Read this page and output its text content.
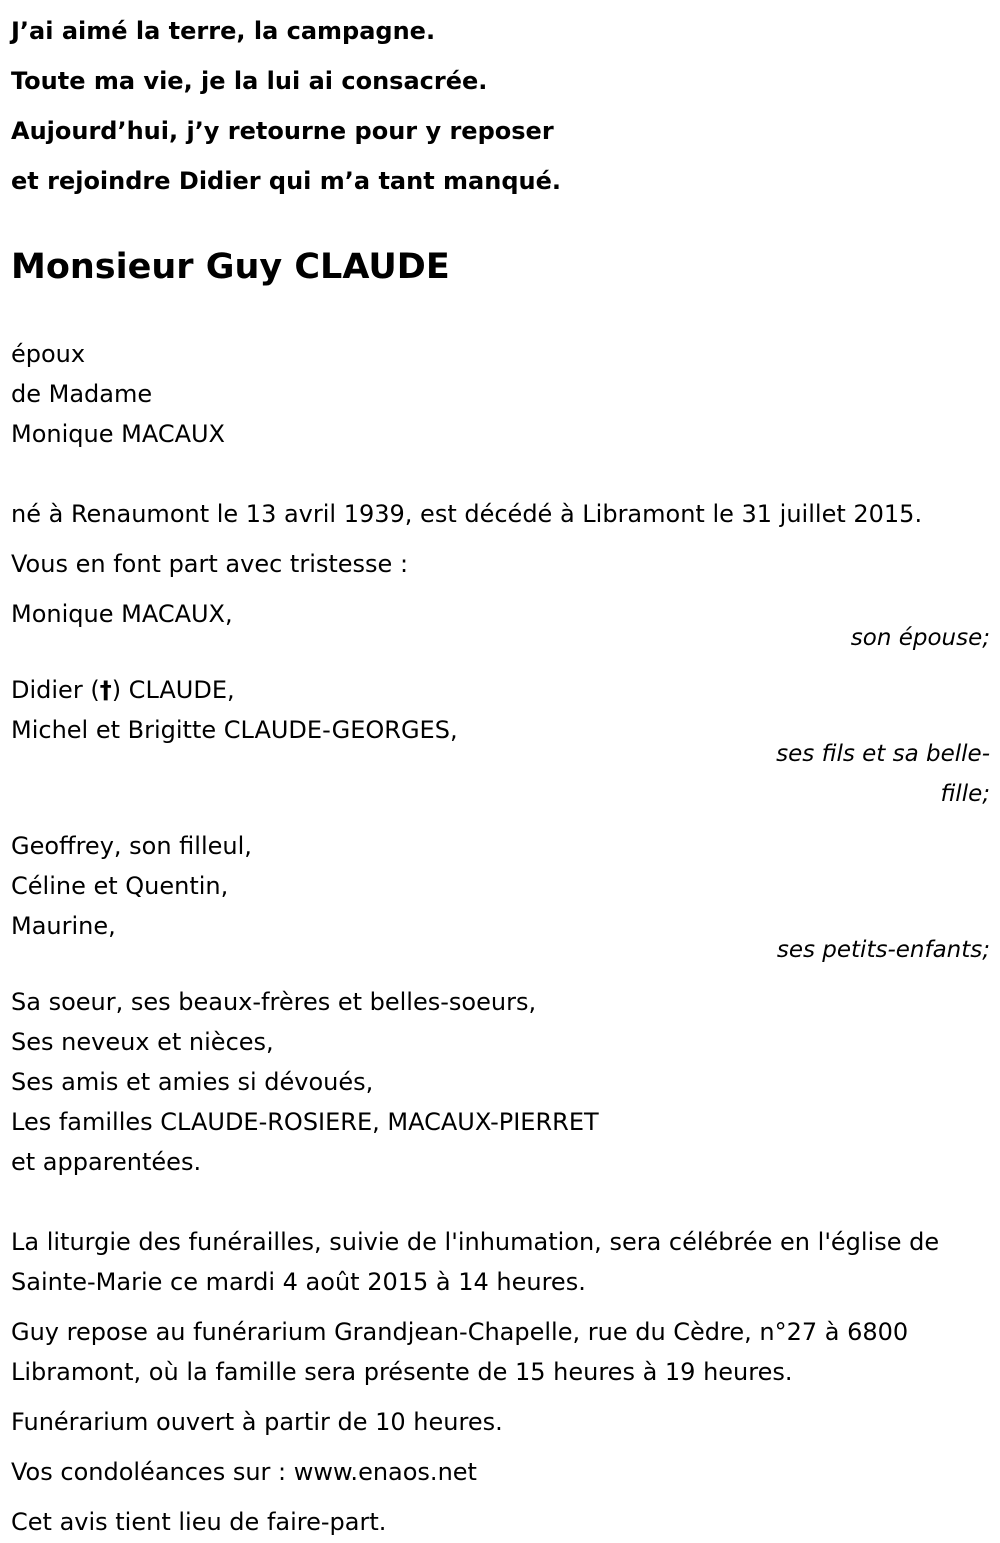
J’ai aimé la terre, la campagne.
Toute ma vie, je la lui ai consacrée.
Aujourd’hui, j’y retourne pour y reposer
et rejoindre Didier qui m’a tant manqué.
Monsieur Guy CLAUDE
époux
de Madame
Monique MACAUX
né à Renaumont le 13 avril 1939, est décédé à Libramont le 31 juillet 2015.
Vous en font part avec tristesse :
Monique MACAUX,
son épouse;
Didier (†) CLAUDE,
Michel et Brigitte CLAUDE-GEORGES,
ses fils et sa belle-fille;
Geoffrey, son filleul,
Céline et Quentin,
Maurine,
ses petits-enfants;
Sa soeur, ses beaux-frères et belles-soeurs,
Ses neveux et nièces,
Ses amis et amies si dévoués,
Les familles CLAUDE-ROSIERE, MACAUX-PIERRET
et apparentées.
La liturgie des funérailles, suivie de l'inhumation, sera célébrée en l'église de Sainte-Marie ce mardi 4 août 2015 à 14 heures.
Guy repose au funérarium Grandjean-Chapelle, rue du Cèdre, n°27 à 6800 Libramont, où la famille sera présente de 15 heures à 19 heures.
Funérarium ouvert à partir de 10 heures.
Vos condoléances sur : www.enaos.net
Cet avis tient lieu de faire-part.
